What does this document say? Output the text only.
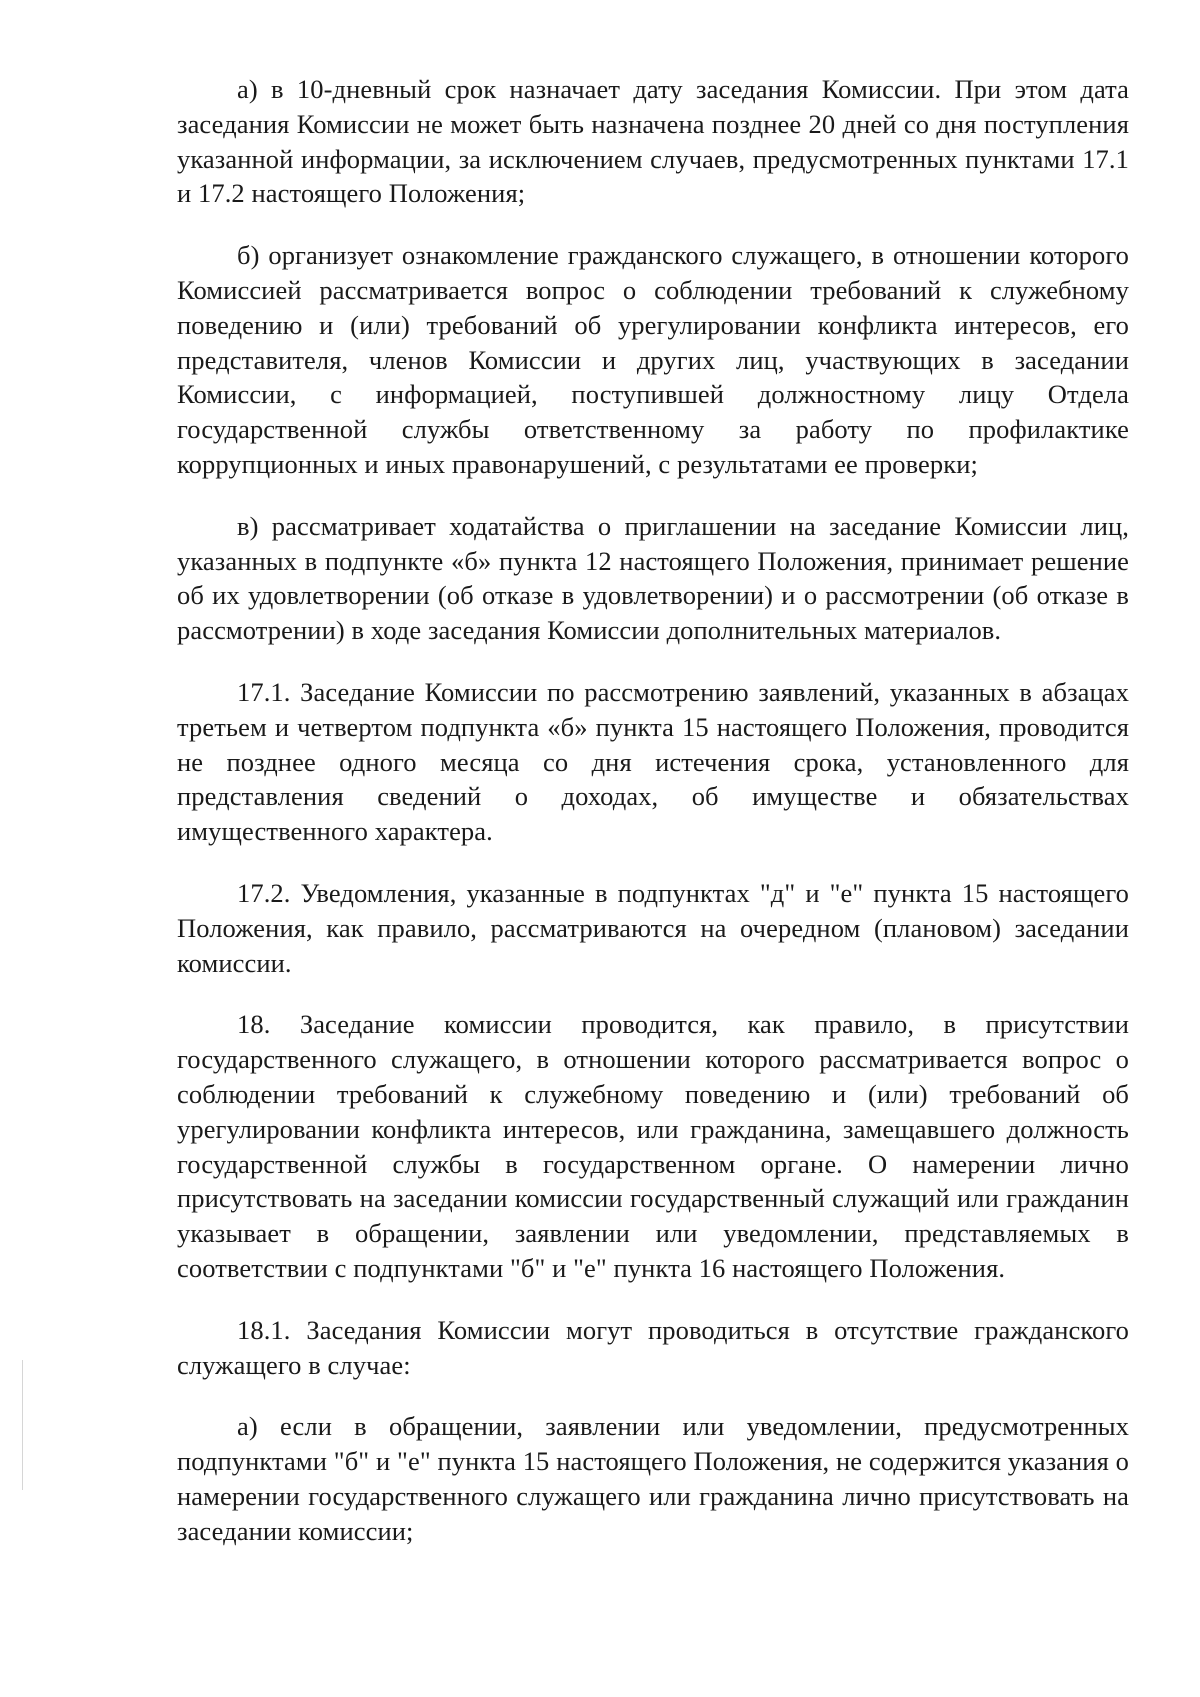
а) в 10-дневный срок назначает дату заседания Комиссии. При этом дата заседания Комиссии не может быть назначена позднее 20 дней со дня поступления указанной информации, за исключением случаев, предусмотренных пунктами 17.1 и 17.2 настоящего Положения;

б) организует ознакомление гражданского служащего, в отношении которого Комиссией рассматривается вопрос о соблюдении требований к служебному поведению и (или) требований об урегулировании конфликта интересов, его представителя, членов Комиссии и других лиц, участвующих в заседании Комиссии, с информацией, поступившей должностному лицу Отдела государственной службы ответственному за работу по профилактике коррупционных и иных правонарушений, с результатами ее проверки;

в) рассматривает ходатайства о приглашении на заседание Комиссии лиц, указанных в подпункте «б» пункта 12 настоящего Положения, принимает решение об их удовлетворении (об отказе в удовлетворении) и о рассмотрении (об отказе в рассмотрении) в ходе заседания Комиссии дополнительных материалов.

17.1. Заседание Комиссии по рассмотрению заявлений, указанных в абзацах третьем и четвертом подпункта «б» пункта 15 настоящего Положения, проводится не позднее одного месяца со дня истечения срока, установленного для представления сведений о доходах, об имуществе и обязательствах имущественного характера.

17.2. Уведомления, указанные в подпунктах "д" и "е" пункта 15 настоящего Положения, как правило, рассматриваются на очередном (плановом) заседании комиссии.

18. Заседание комиссии проводится, как правило, в присутствии государственного служащего, в отношении которого рассматривается вопрос о соблюдении требований к служебному поведению и (или) требований об урегулировании конфликта интересов, или гражданина, замещавшего должность государственной службы в государственном органе. О намерении лично присутствовать на заседании комиссии государственный служащий или гражданин указывает в обращении, заявлении или уведомлении, представляемых в соответствии с подпунктами "б" и "е" пункта 16 настоящего Положения.

18.1. Заседания Комиссии могут проводиться в отсутствие гражданского служащего в случае:

а) если в обращении, заявлении или уведомлении, предусмотренных подпунктами "б" и "е" пункта 15 настоящего Положения, не содержится указания о намерении государственного служащего или гражданина лично присутствовать на заседании комиссии;
